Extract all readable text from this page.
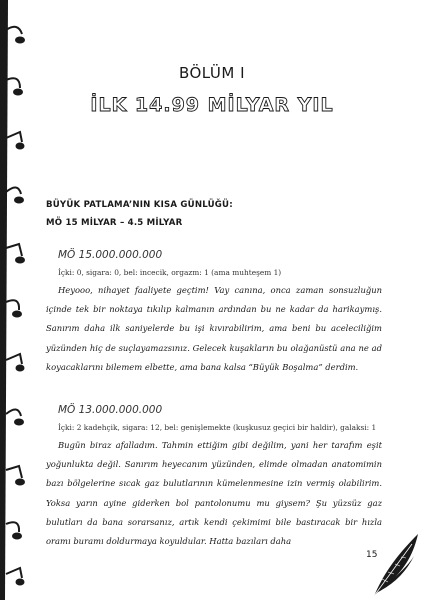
BÖLÜM I
İLK 14.99 MİLYAR YIL
BÜYÜK PATLAMA’NIN KISA GÜNLÜĞÜ:
MÖ 15 MİLYAR – 4.5 MİLYAR
MÖ 15.000.000.000
İçki: 0, sigara: 0, bel: incecik, orgazm: 1 (ama muhteşem 1)

Heyooo, nihayet faaliyete geçtim! Vay canına, onca zaman sonsuzluğun içinde tek bir noktaya tıkılıp kalmanın ardından bu ne kadar da harikaymış. Sanırım daha ilk saniyelerde bu işi kıvırabilirim, ama beni bu aceleciliğim yüzünden hiç de suçlayamazsınız. Gelecek kuşakların bu olağanüstü ana ne ad koyacaklarını bilemem elbette, ama bana kalsa “Büyük Boşalma” derdim.

MÖ 13.000.000.000
İçki: 2 kadehçik, sigara: 12, bel: genişlemekte (kuşkusuz geçici bir haldir), galaksi: 1

Bugün biraz afalladım. Tahmin ettiğim gibi değilim, yani her tarafım eşit yoğunlukta değil. Sanırım heyecanım yüzünden, elimde olmadan anatomimin bazı bölgelerine sıcak gaz bulutlarının kümelenmesine izin vermiş olabilirim. Yoksa yarın ayine giderken bol pantolonumu mu giysem? Şu yüzsüz gaz bulutları da bana sorarsanız, artık kendi çekimimi bile bastıracak bir hızla oramı buramı doldurmaya koyuldular. Hatta bazıları daha

15
